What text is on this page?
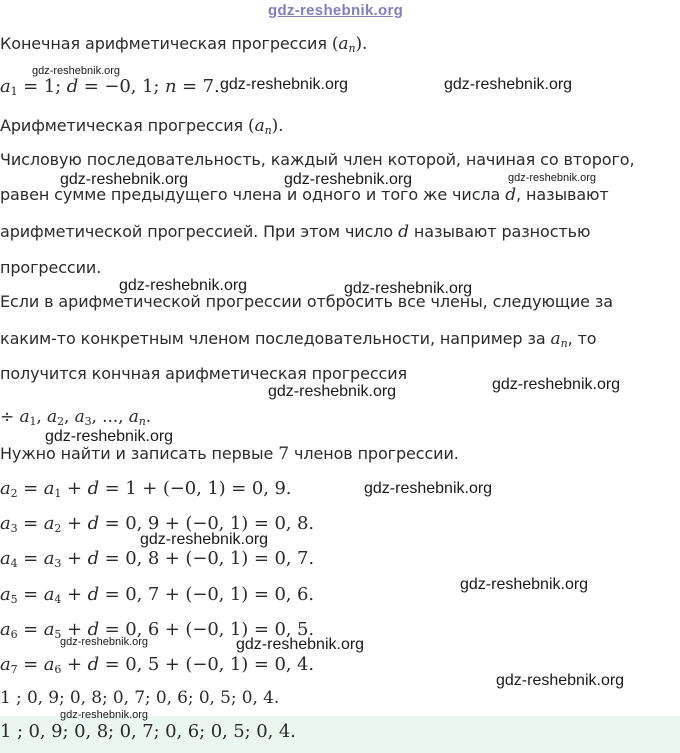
gdz-reshebnik.org
Конечная арифметическая прогрессия (an).
$a_1 = 1$; d = −0, 1; n = 7.
Арифметическая прогрессия (an).
Числовую последовательность, каждый член которой, начиная со второго,
равен сумме предыдущего члена и одного и того же числа d, называют
арифметической прогрессией. При этом число d называют разностью
прогрессии.
Если в арифметической прогрессии отбросить все члены, следующие за
каким-то конкретным членом последовательности, например за an, то
получится кончная арифметическая прогрессия
÷ $a_1$, $a_2$, $a_3$, ..., an.
Нужно найти и записать первые 7 членов прогрессии.
$a_2 = a_1 + d = 1 + (-0$, 1) = 0, 9.
$a_3 = a_2 + d = 0$, 9 + (−0, 1) = 0, 8.
$a_4 = a_3 + d = 0$, 8 + (−0, 1) = 0, 7.
$a_5 = a_4 + d = 0$, 7 + (−0, 1) = 0, 6.
$a_6 = a_5 + d = 0$, 6 + (−0, 1) = 0, 5.
$a_7 = a_6 + d = 0$, 5 + (−0, 1) = 0, 4.
1 ; 0, 9; 0, 8; 0, 7; 0, 6; 0, 5; 0, 4.
1 ; 0, 9; 0, 8; 0, 7; 0, 6; 0, 5; 0, 4.
gdz-reshebnik.org
gdz-reshebnik.org	gdz-reshebnik.org
gdz-reshebnik.org	gdz-reshebnik.org	gdz-reshebnik.org
gdz-reshebnik.org	gdz-reshebnik.org
gdz-reshebnik.org
gdz-reshebnik.org
gdz-reshebnik.org
gdz-reshebnik.org
gdz-reshebnik.org
gdz-reshebnik.org
gdz-reshebnik.org	gdz-reshebnik.org
gdz-reshebnik.org
gdz-reshebnik.org
